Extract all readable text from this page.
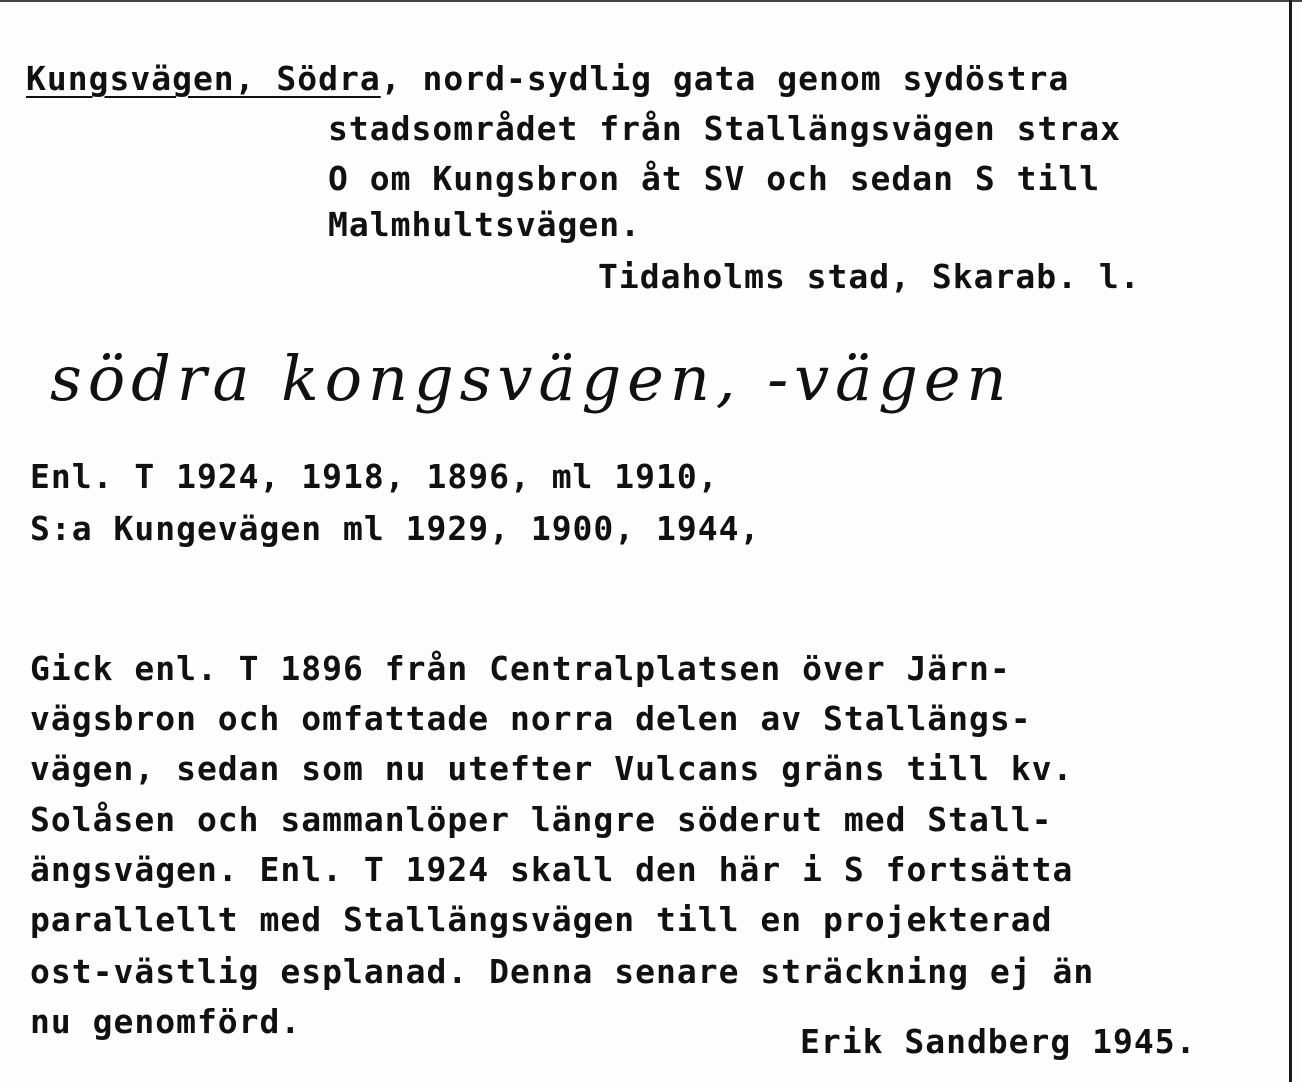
Kungsvägen, Södra, nord-sydlig gata genom sydöstra
stadsområdet från Stallängsvägen strax
O om Kungsbron åt SV och sedan S till
Malmhultsvägen.
Tidaholms stad, Skarab. l.
södra kongsvägen, -vägen
Enl. T 1924, 1918, 1896, ml 1910,
S:a Kungevägen ml 1929, 1900, 1944,
Gick enl. T 1896 från Centralplatsen över Järn-
vägsbron och omfattade norra delen av Stallängs-
vägen, sedan som nu utefter Vulcans gräns till kv.
Solåsen och sammanlöper längre söderut med Stall-
ängsvägen. Enl. T 1924 skall den här i S fortsätta
parallellt med Stallängsvägen till en projekterad
ost-västlig esplanad. Denna senare sträckning ej än
nu genomförd.
Erik Sandberg 1945.
